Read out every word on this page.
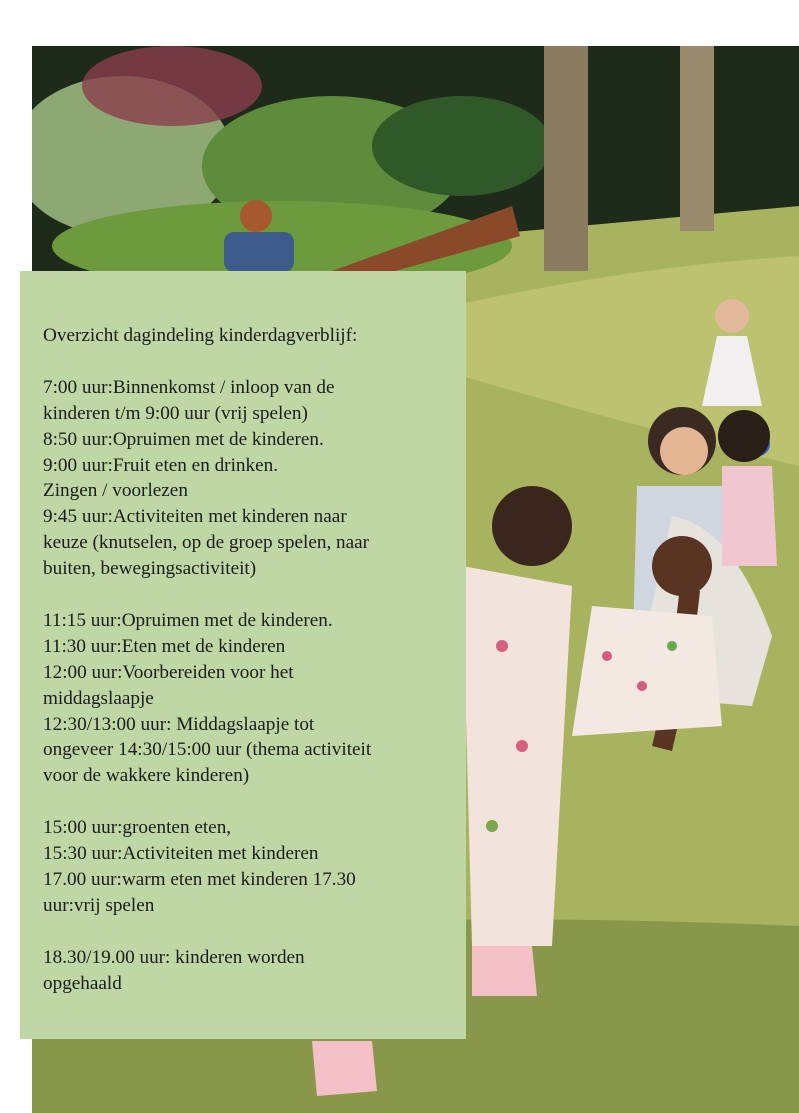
Overzicht dagindeling kinderdagverblijf:

7:00 uur:Binnenkomst / inloop van de

kinderen t/m 9:00 uur (vrij spelen)

8:50 uur:Opruimen met de kinderen.

9:00 uur:Fruit eten en drinken.

Zingen / voorlezen

9:45 uur:Activiteiten met kinderen naar

keuze (knutselen, op de groep spelen, naar

buiten, bewegingsactiviteit)

11:15 uur:Opruimen met de kinderen.

11:30 uur:Eten met de kinderen

12:00 uur:Voorbereiden voor het

middagslaapje

12:30/13:00 uur: Middagslaapje tot

ongeveer 14:30/15:00 uur (thema activiteit

voor de wakkere kinderen)

15:00 uur:groenten eten,

15:30 uur:Activiteiten met kinderen

17.00 uur:warm eten met kinderen 17.30

uur:vrij spelen

18.30/19.00 uur: kinderen worden

opgehaald
